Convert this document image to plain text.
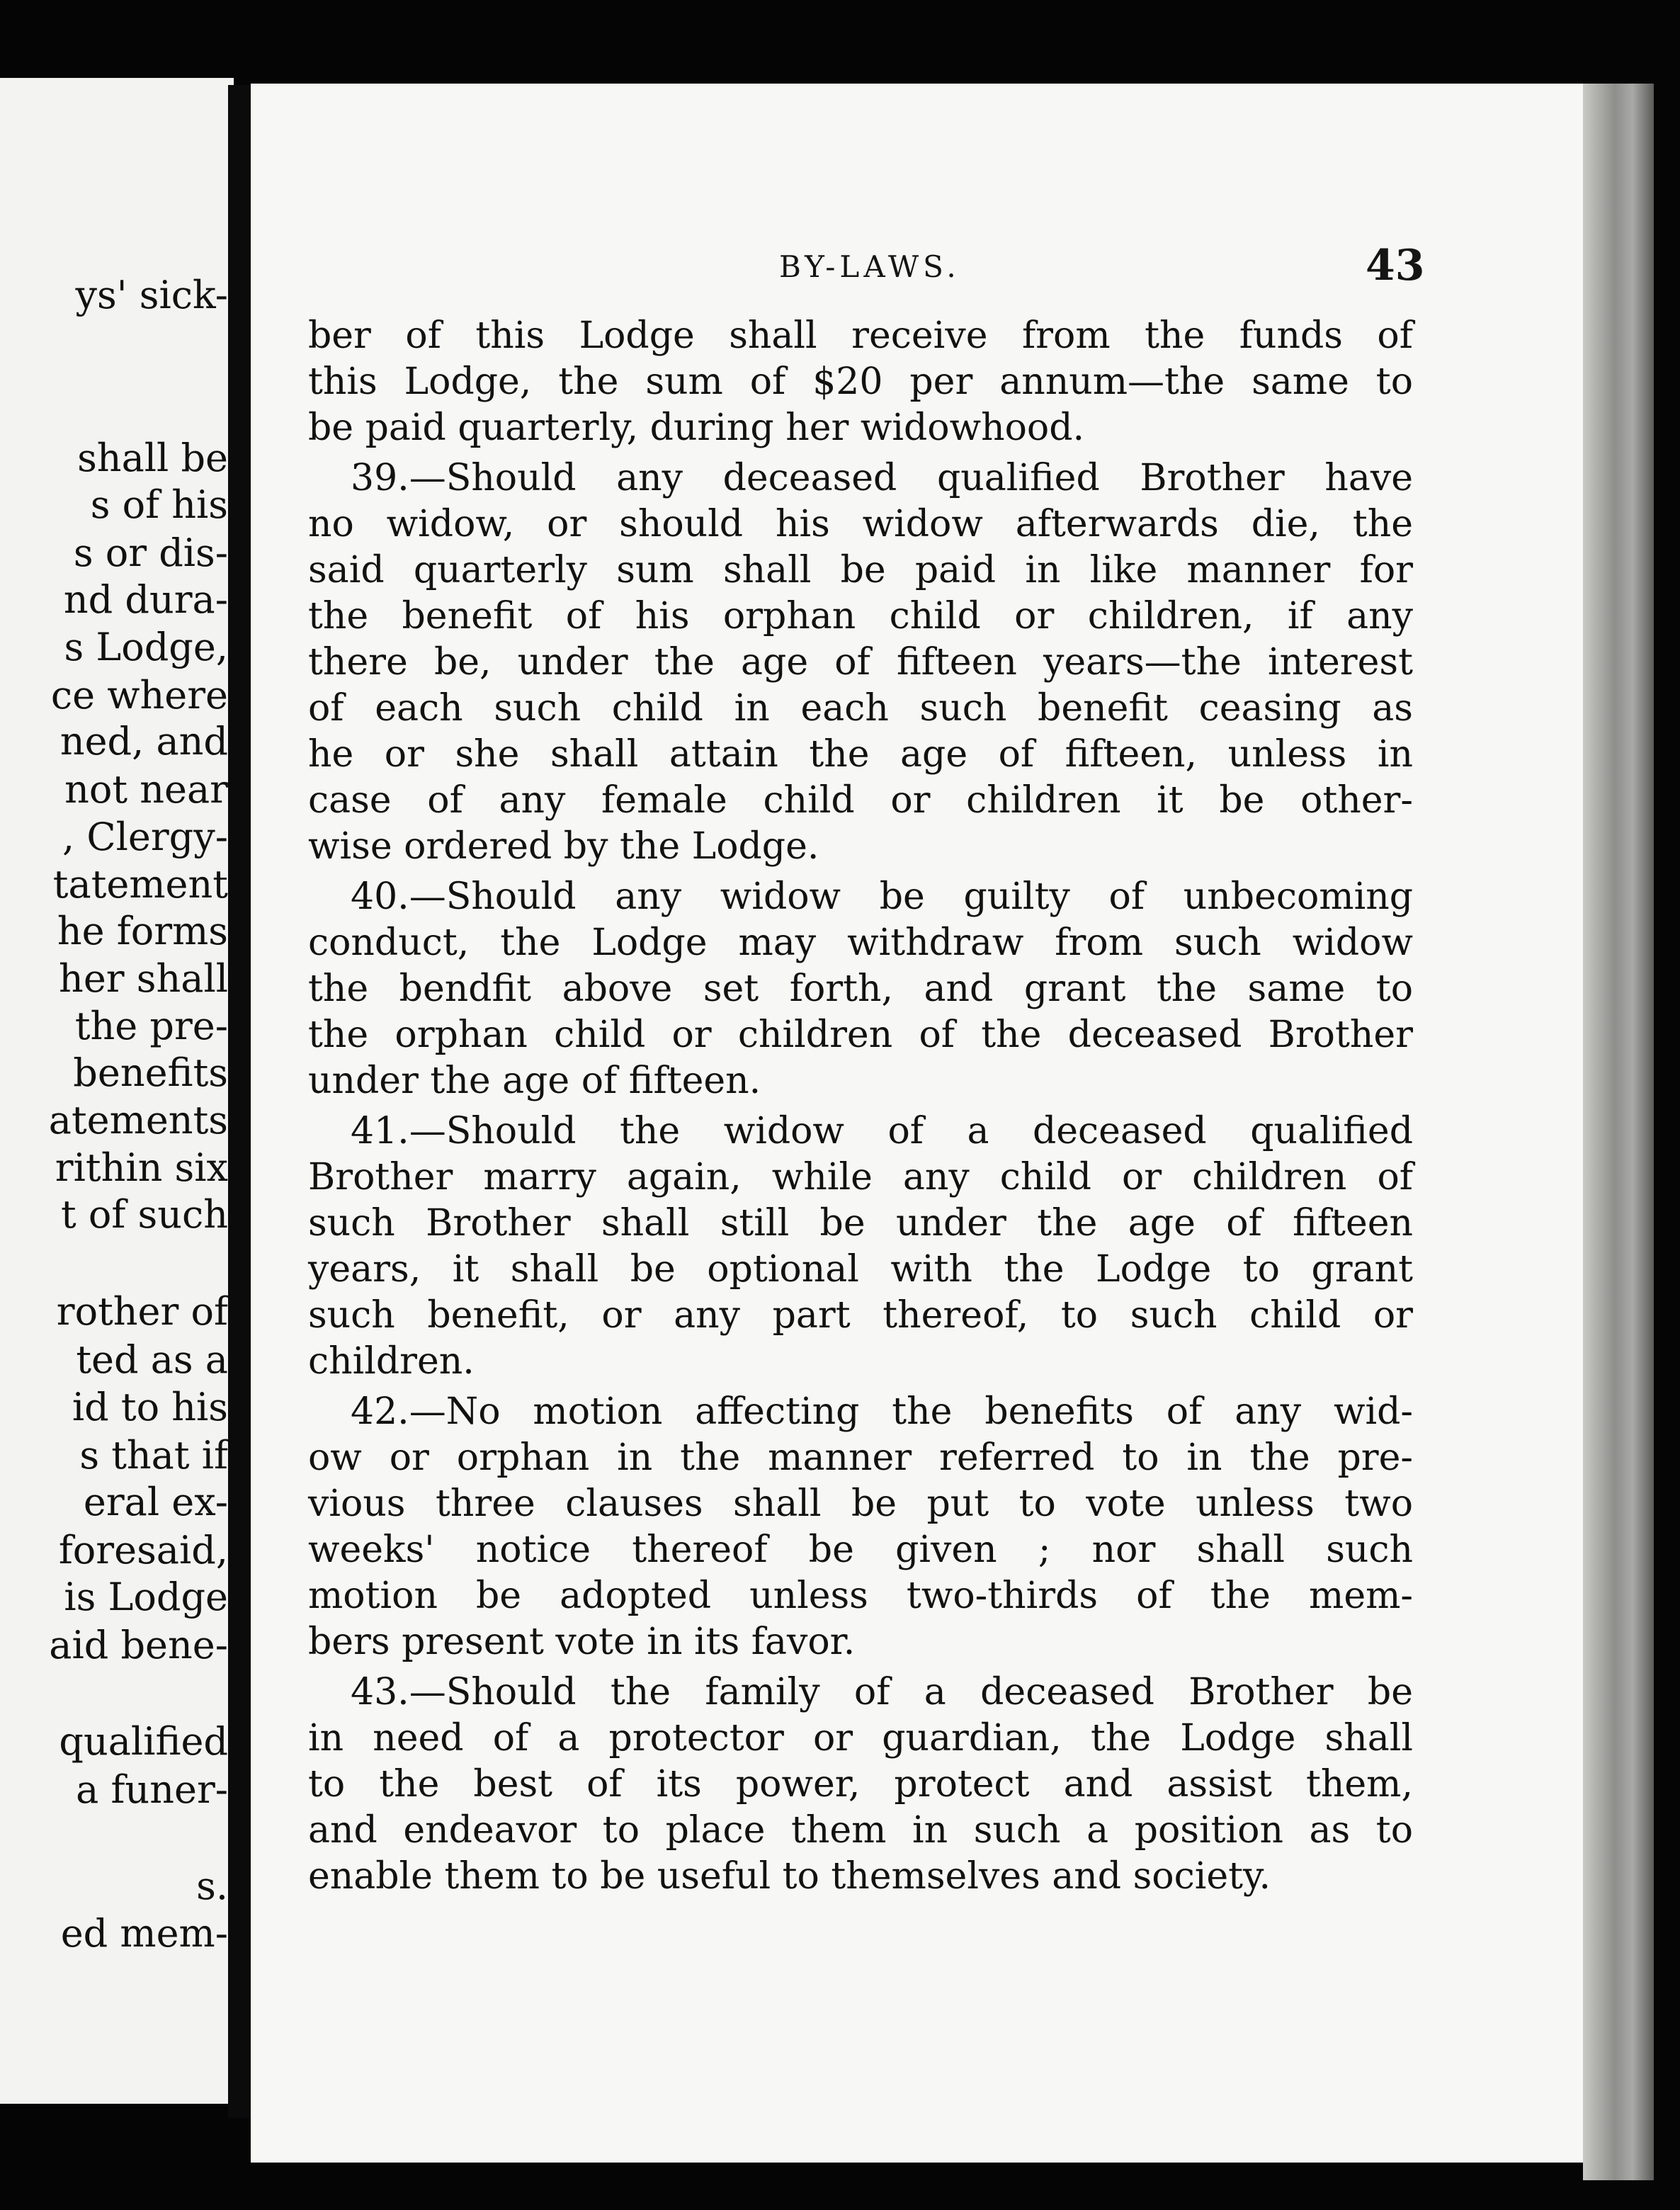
ys' sick-
shall be
s of his
s or dis-
nd dura-
s Lodge,
ce where
ned, and
not near
, Clergy-
tatement
he forms
her shall
the pre-
benefits
atements
rithin six
t of such
rother of
ted as a
id to his
s that if
eral ex-
foresaid,
is Lodge
aid bene-
qualified
a funer-
s.
ed mem-
BY-LAWS.	43
ber of this Lodge shall receive from the funds of
this Lodge, the sum of $20 per annum—the same to
be paid quarterly, during her widowhood.
39.—Should any deceased qualified Brother have
no widow, or should his widow afterwards die, the
said quarterly sum shall be paid in like manner for
the benefit of his orphan child or children, if any
there be, under the age of fifteen years—the interest
of each such child in each such benefit ceasing as
he or she shall attain the age of fifteen, unless in
case of any female child or children it be other-
wise ordered by the Lodge.
40.—Should any widow be guilty of unbecoming
conduct, the Lodge may withdraw from such widow
the bendfit above set forth, and grant the same to
the orphan child or children of the deceased Brother
under the age of fifteen.
41.—Should the widow of a deceased qualified
Brother marry again, while any child or children of
such Brother shall still be under the age of fifteen
years, it shall be optional with the Lodge to grant
such benefit, or any part thereof, to such child or
children.
42.—No motion affecting the benefits of any wid-
ow or orphan in the manner referred to in the pre-
vious three clauses shall be put to vote unless two
weeks' notice thereof be given ; nor shall such
motion be adopted unless two-thirds of the mem-
bers present vote in its favor.
43.—Should the family of a deceased Brother be
in need of a protector or guardian, the Lodge shall
to the best of its power, protect and assist them,
and endeavor to place them in such a position as to
enable them to be useful to themselves and society.
